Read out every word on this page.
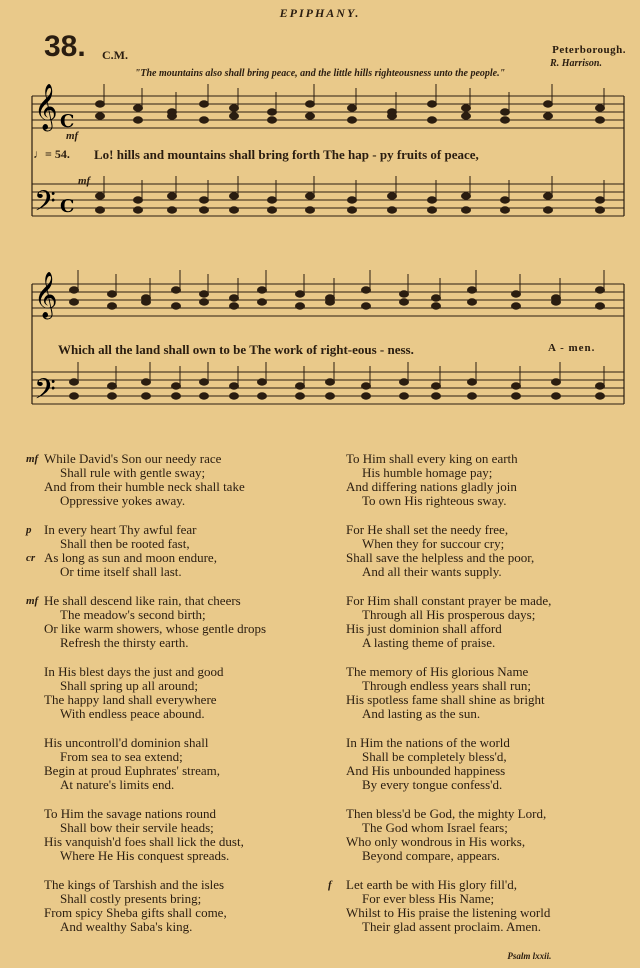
EPIPHANY.
38. C.M.	Peterborough.
R. Harrison.
"The mountains also shall bring peace, and the little hills righteousness unto the people."
𝄞
𝄢
𝄞
𝄢
C
C
mf
♩= 54. Lo! hills and mountains shall bring forth The hap - py fruits of peace,
mf
Which all the land shall own to be The work of right-eous - ness.	A - men.
mf While David's Son our needy race
Shall rule with gentle sway;
And from their humble neck shall take
Oppressive yokes away.
p
cr
In every heart Thy awful fear
Shall then be rooted fast,
As long as sun and moon endure,
Or time itself shall last.
mf He shall descend like rain, that cheers
The meadow's second birth;
Or like warm showers, whose gentle drops
Refresh the thirsty earth.
In His blest days the just and good
Shall spring up all around;
The happy land shall everywhere
With endless peace abound.
His uncontroll'd dominion shall
From sea to sea extend;
Begin at proud Euphrates' stream,
At nature's limits end.
To Him the savage nations round
Shall bow their servile heads;
His vanquish'd foes shall lick the dust,
Where He His conquest spreads.
The kings of Tarshish and the isles
Shall costly presents bring;
From spicy Sheba gifts shall come,
And wealthy Saba's king.
To Him shall every king on earth
His humble homage pay;
And differing nations gladly join
To own His righteous sway.
For He shall set the needy free,
When they for succour cry;
Shall save the helpless and the poor,
And all their wants supply.
For Him shall constant prayer be made,
Through all His prosperous days;
His just dominion shall afford
A lasting theme of praise.
The memory of His glorious Name
Through endless years shall run;
His spotless fame shall shine as bright
And lasting as the sun.
In Him the nations of the world
Shall be completely bless'd,
And His unbounded happiness
By every tongue confess'd.
Then bless'd be God, the mighty Lord,
The God whom Israel fears;
Who only wondrous in His works,
Beyond compare, appears.
f Let earth be with His glory fill'd,
For ever bless His Name;
Whilst to His praise the listening world
Their glad assent proclaim. Amen.
Psalm lxxii.
